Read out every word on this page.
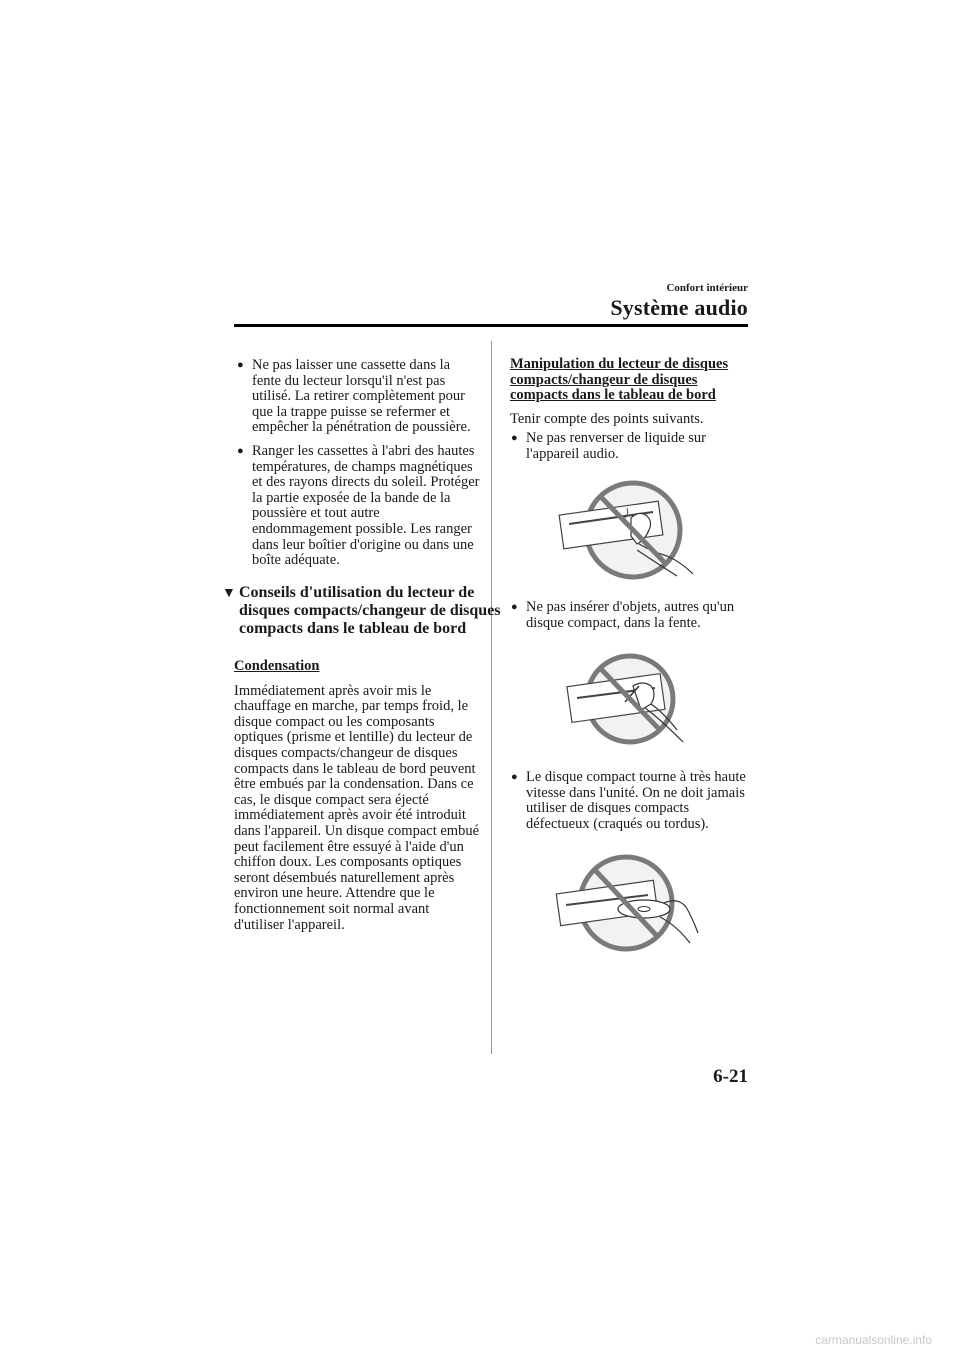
Confort intérieur
Système audio
● Ne pas laisser une cassette dans la fente du lecteur lorsqu'il n'est pas utilisé. La retirer complètement pour que la trappe puisse se refermer et empêcher la pénétration de poussière.
● Ranger les cassettes à l'abri des hautes températures, de champs magnétiques et des rayons directs du soleil. Protéger la partie exposée de la bande de la poussière et tout autre endommagement possible. Les ranger dans leur boîtier d'origine ou dans une boîte adéquate.
▼ Conseils d'utilisation du lecteur de disques compacts/changeur de disques compacts dans le tableau de bord
Condensation

Immédiatement après avoir mis le chauffage en marche, par temps froid, le disque compact ou les composants optiques (prisme et lentille) du lecteur de disques compacts/changeur de disques compacts dans le tableau de bord peuvent être embués par la condensation. Dans ce cas, le disque compact sera éjecté immédiatement après avoir été introduit dans l'appareil. Un disque compact embué peut facilement être essuyé à l'aide d'un chiffon doux. Les composants optiques seront désembués naturellement après environ une heure. Attendre que le fonctionnement soit normal avant d'utiliser l'appareil.

Manipulation du lecteur de disques compacts/changeur de disques compacts dans le tableau de bord

Tenir compte des points suivants.

● Ne pas renverser de liquide sur l'appareil audio.
● Ne pas insérer d'objets, autres qu'un disque compact, dans la fente.
● Le disque compact tourne à très haute vitesse dans l'unité. On ne doit jamais utiliser de disques compacts défectueux (craqués ou tordus).
6-21
carmanualsonline.info
